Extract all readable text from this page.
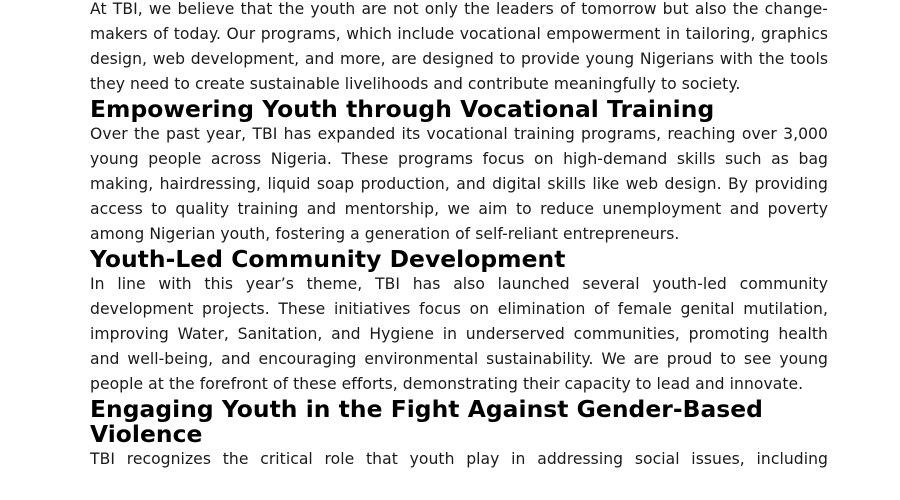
At TBI, we believe that the youth are not only the leaders of tomorrow but also the change-makers of today. Our programs, which include vocational empowerment in tailoring, graphics design, web development, and more, are designed to provide young Nigerians with the tools they need to create sustainable livelihoods and contribute meaningfully to society.

Empowering Youth through Vocational Training

Over the past year, TBI has expanded its vocational training programs, reaching over 3,000 young people across Nigeria. These programs focus on high-demand skills such as bag making, hairdressing, liquid soap production, and digital skills like web design. By providing access to quality training and mentorship, we aim to reduce unemployment and poverty among Nigerian youth, fostering a generation of self-reliant entrepreneurs.

Youth-Led Community Development

In line with this year’s theme, TBI has also launched several youth-led community development projects. These initiatives focus on elimination of female genital mutilation, improving Water, Sanitation, and Hygiene in underserved communities, promoting health and well-being, and encouraging environmental sustainability. We are proud to see young people at the forefront of these efforts, demonstrating their capacity to lead and innovate.

Engaging Youth in the Fight Against Gender-Based Violence

TBI recognizes the critical role that youth play in addressing social issues, including
